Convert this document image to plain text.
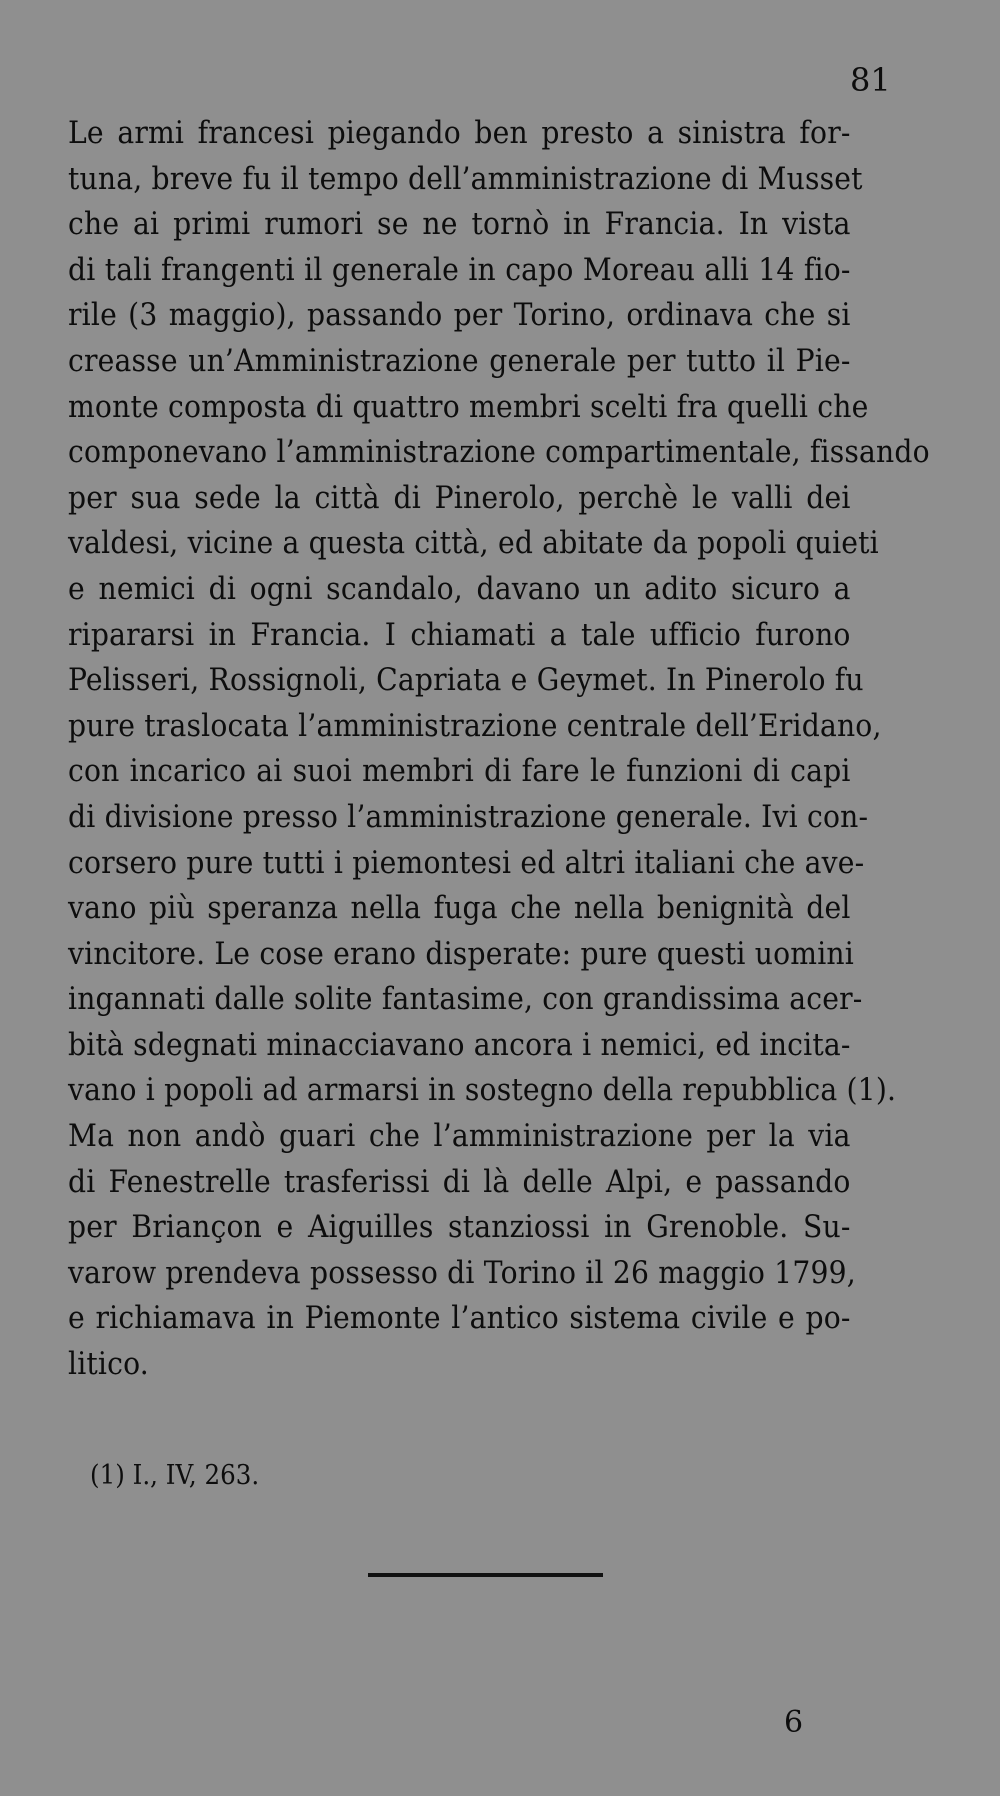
81
Le armi francesi piegando ben presto a sinistra for-
tuna, breve fu il tempo dell’amministrazione di Musset
che ai primi rumori se ne tornò in Francia. In vista
di tali frangenti il generale in capo Moreau alli 14 fio-
rile (3 maggio), passando per Torino, ordinava che si
creasse un’Amministrazione generale per tutto il Pie-
monte composta di quattro membri scelti fra quelli che
componevano l’amministrazione compartimentale, fissando
per sua sede la città di Pinerolo, perchè le valli dei
valdesi, vicine a questa città, ed abitate da popoli quieti
e nemici di ogni scandalo, davano un adito sicuro a
ripararsi in Francia. I chiamati a tale ufficio furono
Pelisseri, Rossignoli, Capriata e Geymet. In Pinerolo fu
pure traslocata l’amministrazione centrale dell’Eridano,
con incarico ai suoi membri di fare le funzioni di capi
di divisione presso l’amministrazione generale. Ivi con-
corsero pure tutti i piemontesi ed altri italiani che ave-
vano più speranza nella fuga che nella benignità del
vincitore. Le cose erano disperate: pure questi uomini
ingannati dalle solite fantasime, con grandissima acer-
bità sdegnati minacciavano ancora i nemici, ed incita-
vano i popoli ad armarsi in sostegno della repubblica (1).
Ma non andò guari che l’amministrazione per la via
di Fenestrelle trasferissi di là delle Alpi, e passando
per Briançon e Aiguilles stanziossi in Grenoble. Su-
varow prendeva possesso di Torino il 26 maggio 1799,
e richiamava in Piemonte l’antico sistema civile e po-
litico.
(1) I., IV, 263.
6
